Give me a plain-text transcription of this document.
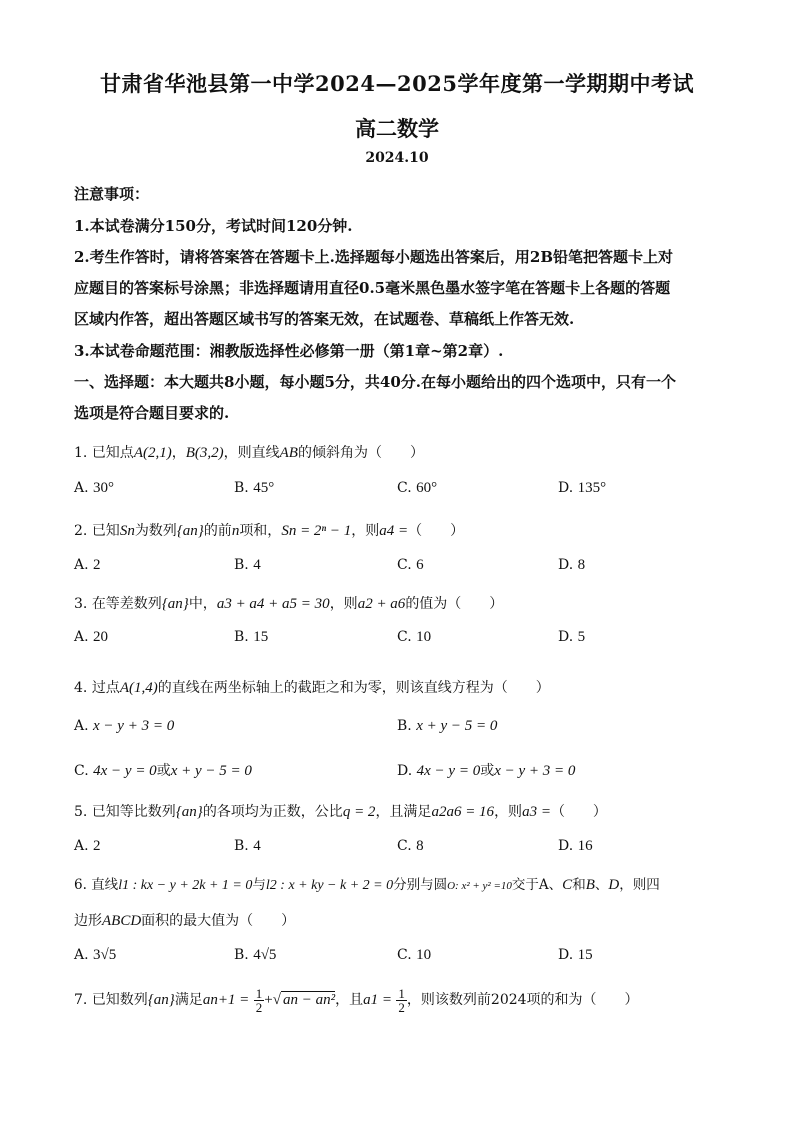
甘肃省华池县第一中学2024—2025学年度第一学期期中考试
高二数学
2024.10
注意事项：
1.本试卷满分150分，考试时间120分钟.
2.考生作答时，请将答案答在答题卡上.选择题每小题选出答案后，用2B铅笔把答题卡上对
应题目的答案标号涂黑；非选择题请用直径0.5毫米黑色墨水签字笔在答题卡上各题的答题
区域内作答，超出答题区域书写的答案无效，在试题卷、草稿纸上作答无效.
3.本试卷命题范围：湘教版选择性必修第一册（第1章~第2章）.
一、选择题：本大题共8小题，每小题5分，共40分.在每小题给出的四个选项中，只有一个
选项是符合题目要求的.
1. 已知点A(2,1)，B(3,2)，则直线AB的倾斜角为（　　）
A. 30°	B. 45°	C. 60°	D. 135°
2. 已知Sn为数列{an}的前n项和，Sn = 2ⁿ − 1，则a4 =（　　）
A. 2	B. 4	C. 6	D. 8
3. 在等差数列{an}中，a3 + a4 + a5 = 30，则a2 + a6的值为（　　）
A. 20	B. 15	C. 10	D. 5
4. 过点A(1,4)的直线在两坐标轴上的截距之和为零，则该直线方程为（　　）
A. x − y + 3 = 0	B. x + y − 5 = 0
C. 4x − y = 0或x + y − 5 = 0	D. 4x − y = 0或x − y + 3 = 0
5. 已知等比数列{an}的各项均为正数，公比q = 2，且满足a2a6 = 16，则a3 =（　　）
A. 2	B. 4	C. 8	D. 16
6. 直线l1 : kx − y + 2k + 1 = 0与l2 : x + ky − k + 2 = 0分别与圆O: x² + y² =10交于A、C和B、D，则四
边形ABCD面积的最大值为（　　）
A. 3√5	B. 4√5	C. 10	D. 15
7. 已知数列{an}满足$an+1 = \frac{1}{2}$ +√ an − an²，且$a1 = \frac{1}{2}$ ，则该数列前2024项的和为（　　）
